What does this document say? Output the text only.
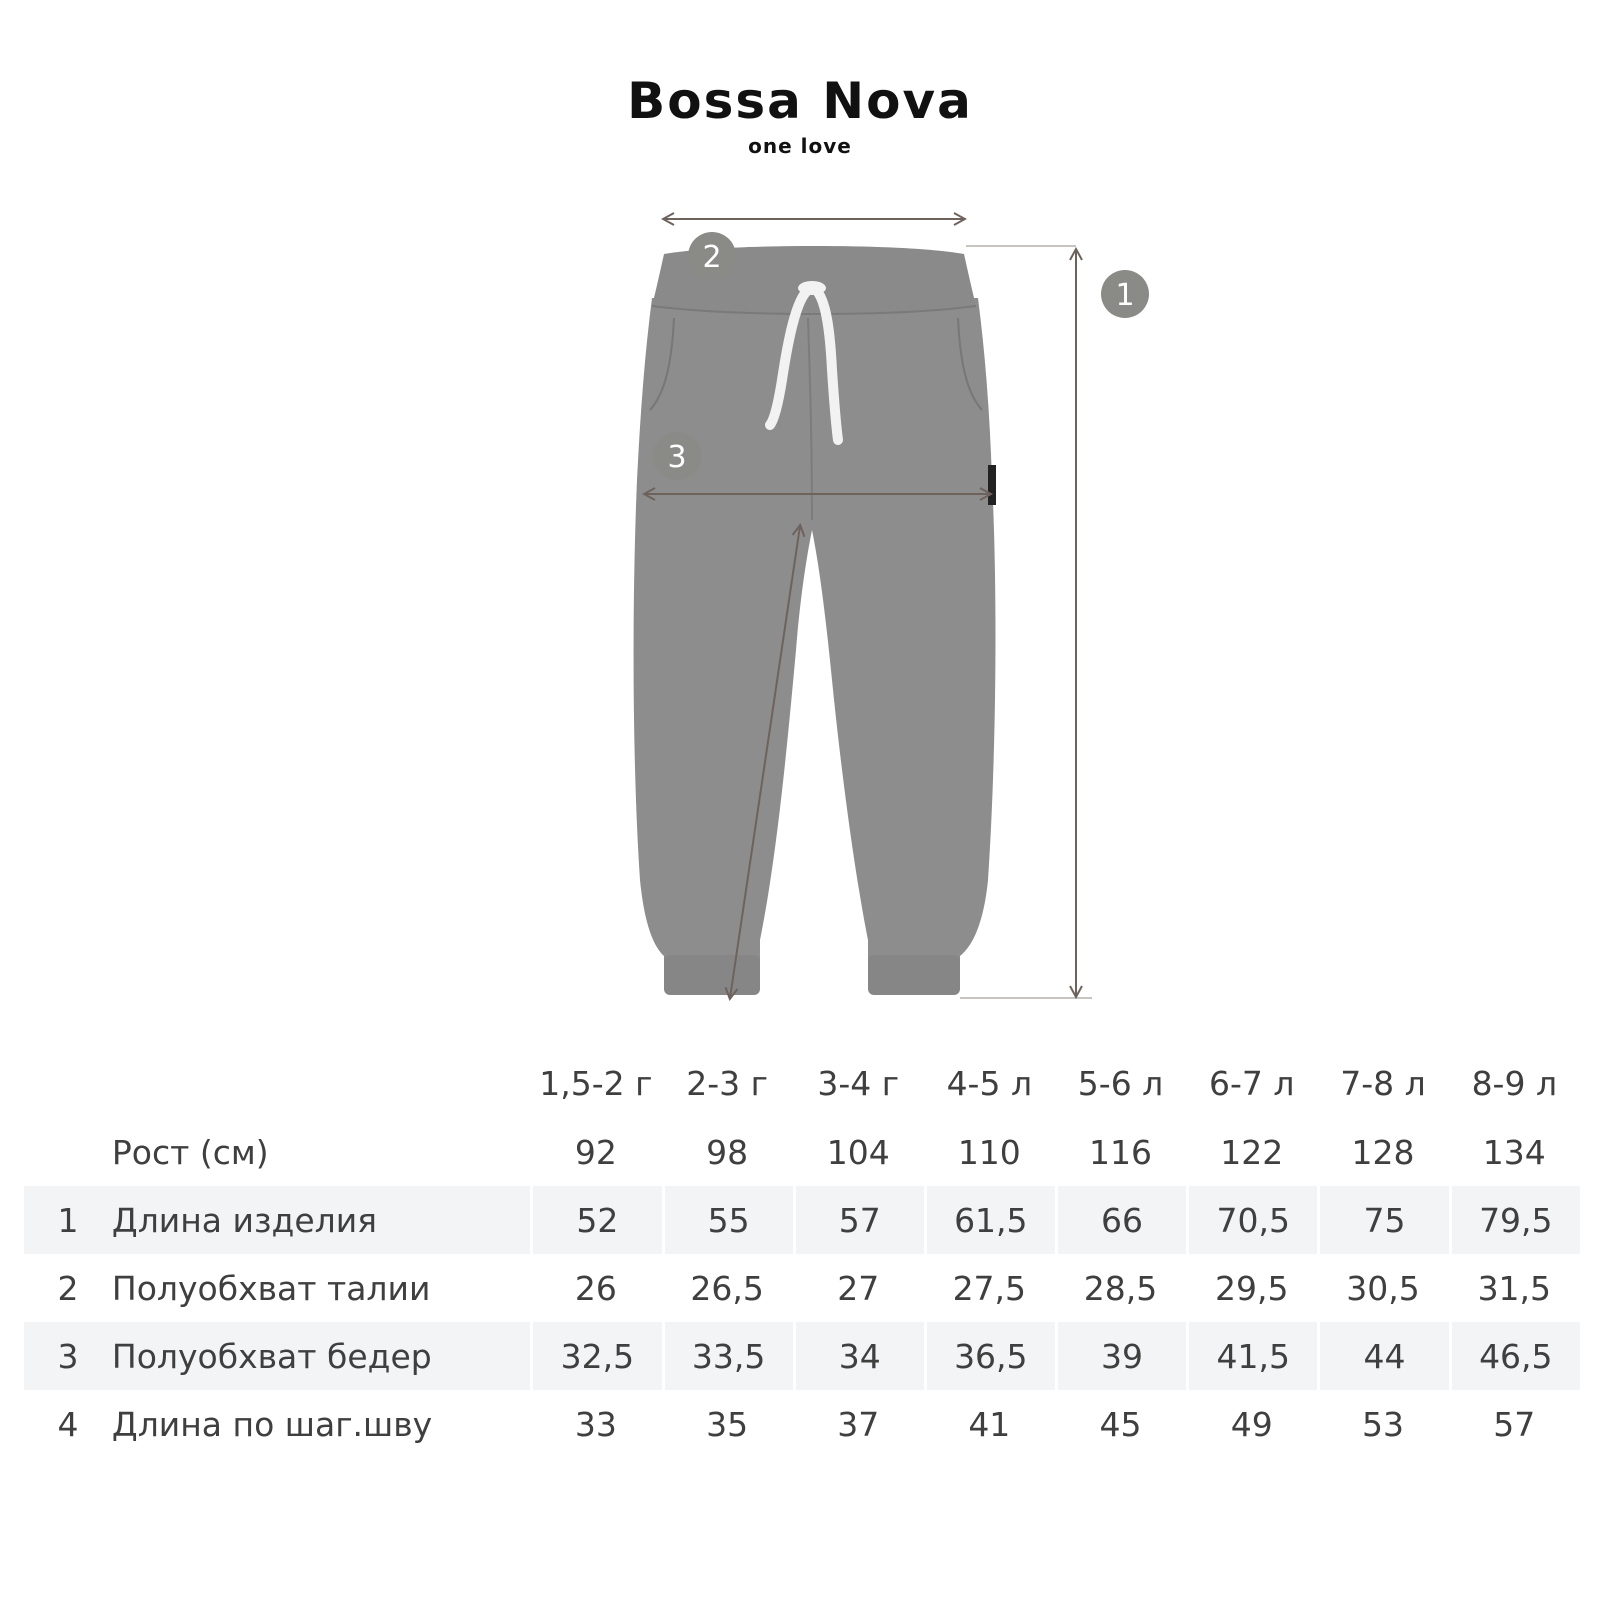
Bossa Nova
one love
1
2
3
		1,5-2 г	2-3 г	3-4 г	4-5 л	5-6 л	6-7 л	7-8 л	8-9 л
	Рост (см)	92	98	104	110	116	122	128	134
1	Длина изделия	52	55	57	61,5	66	70,5	75	79,5
2	Полуобхват талии	26	26,5	27	27,5	28,5	29,5	30,5	31,5
3	Полуобхват бедер	32,5	33,5	34	36,5	39	41,5	44	46,5
4	Длина по шаг.шву	33	35	37	41	45	49	53	57
